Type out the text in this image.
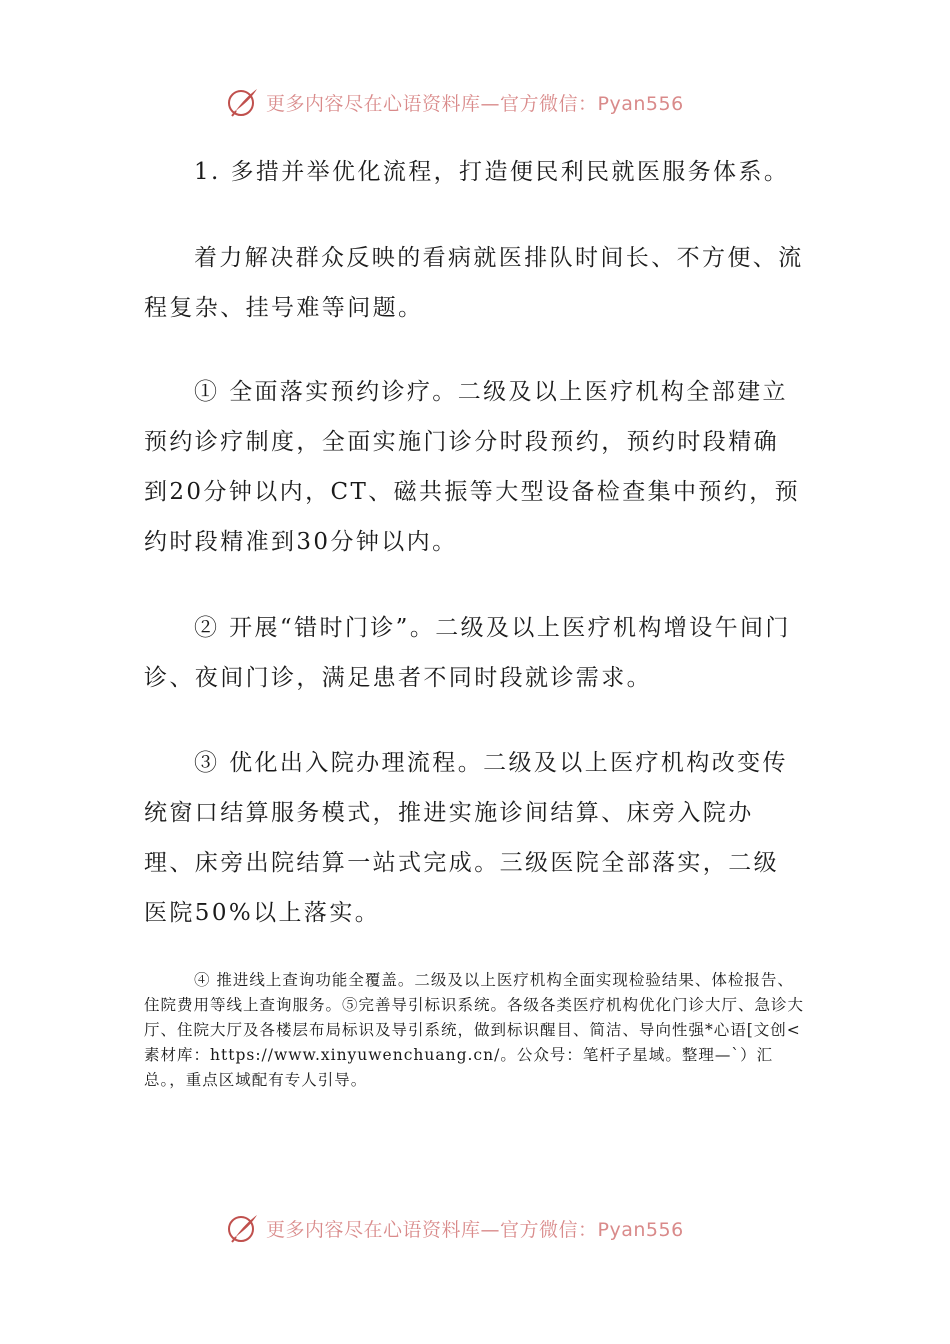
更多内容尽在心语资料库—官方微信：Pyan556

1. 多措并举优化流程，打造便民利民就医服务体系。

着力解决群众反映的看病就医排队时间长、不方便、流程复杂、挂号难等问题。

① 全面落实预约诊疗。二级及以上医疗机构全部建立预约诊疗制度，全面实施门诊分时段预约，预约时段精确到20分钟以内，CT、磁共振等大型设备检查集中预约，预约时段精准到30分钟以内。

② 开展“错时门诊”。二级及以上医疗机构增设午间门诊、夜间门诊，满足患者不同时段就诊需求。

③ 优化出入院办理流程。二级及以上医疗机构改变传统窗口结算服务模式，推进实施诊间结算、床旁入院办理、床旁出院结算一站式完成。三级医院全部落实，二级医院50%以上落实。

④ 推进线上查询功能全覆盖。二级及以上医疗机构全面实现检验结果、体检报告、住院费用等线上查询服务。⑤完善导引标识系统。各级各类医疗机构优化门诊大厅、急诊大厅、住院大厅及各楼层布局标识及导引系统，做到标识醒目、简洁、导向性强*心语[文创<素材库：https://www.xinyuwenchuang.cn/。公众号：笔杆子星域。整理—`）汇总。，重点区域配有专人引导。

更多内容尽在心语资料库—官方微信：Pyan556
